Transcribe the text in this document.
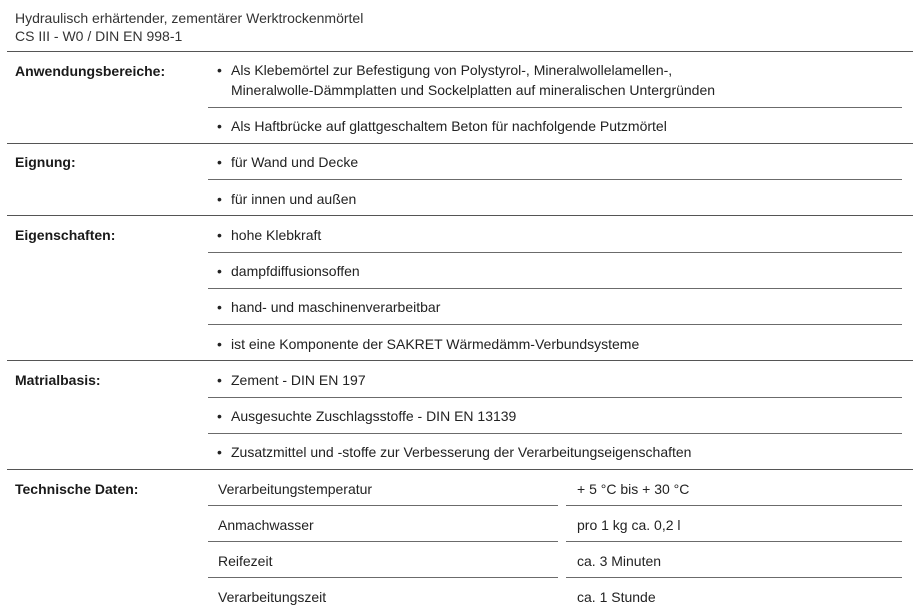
Hydraulisch erhärtender, zementärer Werktrockenmörtel
CS III - W0 / DIN EN 998-1
Anwendungsbereiche:	• Als Klebemörtel zur Befestigung von Polystyrol-, Mineralwollelamellen-,
Mineralwolle-Dämmplatten und Sockelplatten auf mineralischen Untergründen
• Als Haftbrücke auf glattgeschaltem Beton für nachfolgende Putzmörtel
Eignung:	• für Wand und Decke
• für innen und außen
Eigenschaften:	• hohe Klebkraft
• dampfdiffusionsoffen
• hand- und maschinenverarbeitbar
• ist eine Komponente der SAKRET Wärmedämm-Verbundsysteme
Matrialbasis:	• Zement - DIN EN 197
• Ausgesuchte Zuschlagsstoffe - DIN EN 13139
• Zusatzmittel und -stoffe zur Verbesserung der Verarbeitungseigenschaften
Technische Daten:	Verarbeitungstemperatur	+ 5 °C bis + 30 °C
Anmachwasser	pro 1 kg ca. 0,2 l
Reifezeit	ca. 3 Minuten
Verarbeitungszeit	ca. 1 Stunde
